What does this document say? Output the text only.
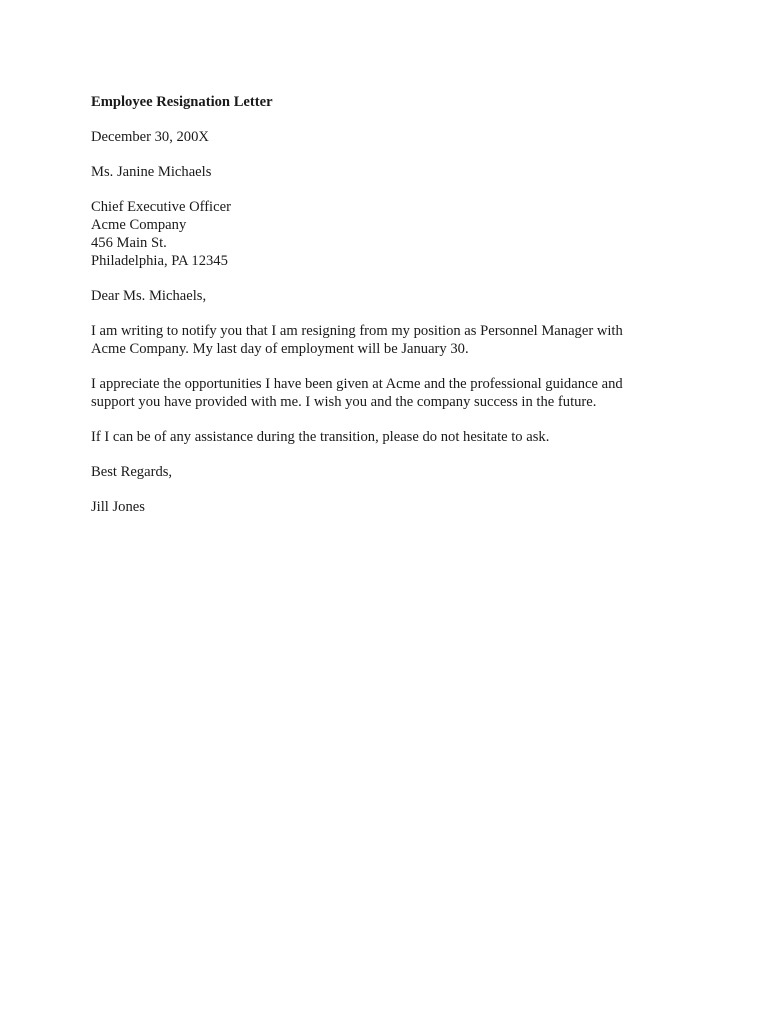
Employee Resignation Letter
December 30, 200X
Ms. Janine Michaels
Chief Executive Officer
Acme Company
456 Main St.
Philadelphia, PA 12345
Dear Ms. Michaels,
I am writing to notify you that I am resigning from my position as Personnel Manager with
Acme Company. My last day of employment will be January 30.
I appreciate the opportunities I have been given at Acme and the professional guidance and
support you have provided with me. I wish you and the company success in the future.
If I can be of any assistance during the transition, please do not hesitate to ask.
Best Regards,
Jill Jones
